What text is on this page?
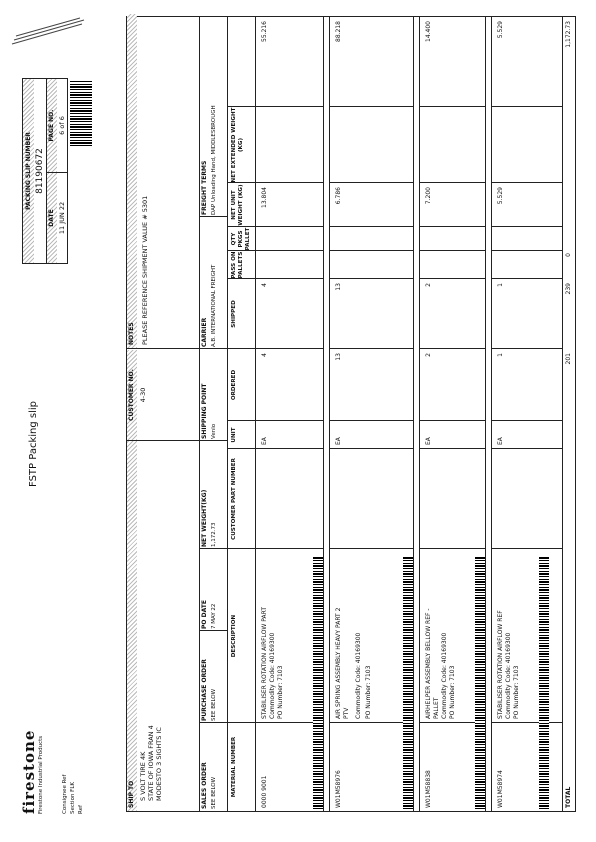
firestone Firestone Industrial Products	Consignee Ref Section FLK Ref
FSTP Packing slip
PACKING SLIP NUMBER 81190672
DATE
PAGE NO.
11 JUN 22
6 of 6
SHIP TO S VOLT TIRE 4K STATE OF IOWA FRAN 4 MODESTO 3 SIGHTS IC
CUSTOMER NO. 4-30
NOTES PLEASE REFERENCE SHIPMENT VALUE # 5301
SALES ORDER SEE BELOW
PURCHASE ORDER SEE BELOW
PO DATE 7 MAY 22
NET WEIGHT(KG) 1,172.73
SHIPPING POINT Venlo
CARRIER A.B. INTERNATIONAL FREIGHT
FREIGHT TERMS DAP Unloading Hand, MIDDLESBROUGH
MATERIAL NUMBER
DESCRIPTION
CUSTOMER PART NUMBER
UNIT
ORDERED
SHIPPED
PASS ON PALLETS
QTY PKGS PALLET
NET UNIT WEIGHT (KG)
NET EXTENDED WEIGHT (KG)
0000 9001
STABILISER ROTATION AIRFLOW PART Commodity Code: 40169300 PO Number: 7103
EA
4
4
13.804
55.216
W01M58976
AIR SPRING ASSEMBLY HEAVY PART 2 PTV Commodity Code: 40169300 PO Number: 7103
EA
13
13
6.786
88.218
W01M58838
AIRHELPER ASSEMBLY BELLOW REF - PALLET Commodity Code: 40169300 PO Number: 7103
EA
2
2
7.200
14.400
W01M58974
STABILISER ROTATION AIRFLOW REF Commodity Code: 40169300 PO Number: 7103
EA
1
1
5.529
5.529
TOTAL
201
239
0
1,172.73
